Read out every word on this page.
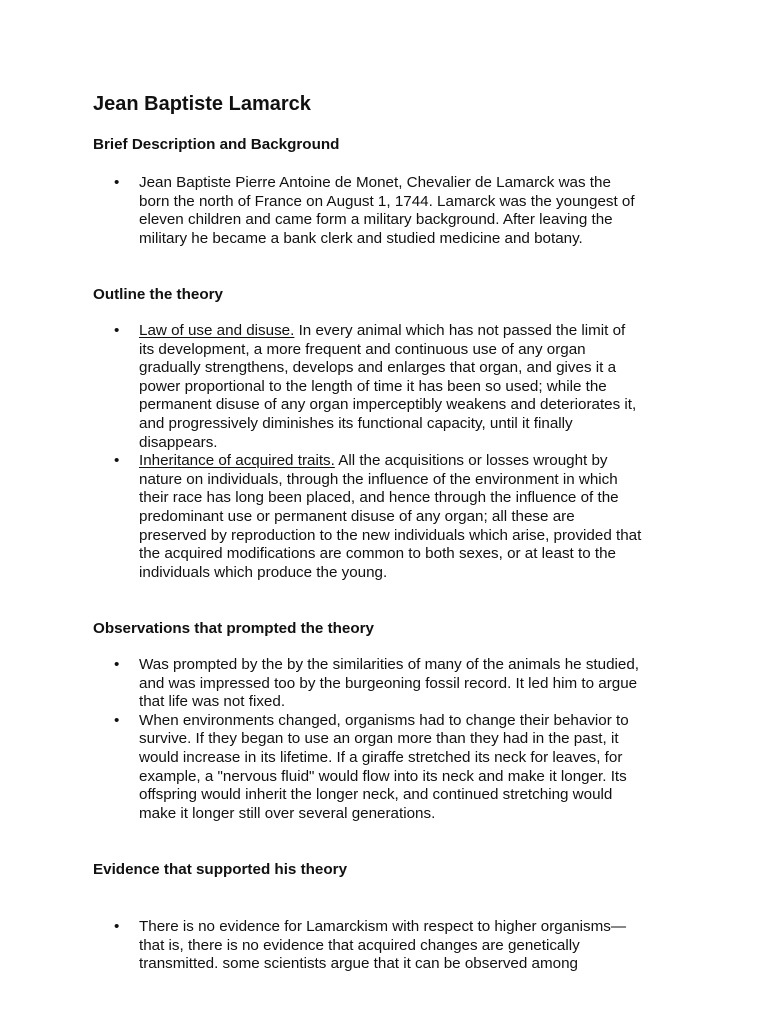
Jean Baptiste Lamarck
Brief Description and Background
• Jean Baptiste Pierre Antoine de Monet, Chevalier de Lamarck was the
born the north of France on August 1, 1744. Lamarck was the youngest of
eleven children and came form a military background. After leaving the
military he became a bank clerk and studied medicine and botany.
Outline the theory
• Law of use and disuse. In every animal which has not passed the limit of
its development, a more frequent and continuous use of any organ
gradually strengthens, develops and enlarges that organ, and gives it a
power proportional to the length of time it has been so used; while the
permanent disuse of any organ imperceptibly weakens and deteriorates it,
and progressively diminishes its functional capacity, until it finally
disappears.
• Inheritance of acquired traits. All the acquisitions or losses wrought by
nature on individuals, through the influence of the environment in which
their race has long been placed, and hence through the influence of the
predominant use or permanent disuse of any organ; all these are
preserved by reproduction to the new individuals which arise, provided that
the acquired modifications are common to both sexes, or at least to the
individuals which produce the young.
Observations that prompted the theory
• Was prompted by the by the similarities of many of the animals he studied,
and was impressed too by the burgeoning fossil record. It led him to argue
that life was not fixed.
• When environments changed, organisms had to change their behavior to
survive. If they began to use an organ more than they had in the past, it
would increase in its lifetime. If a giraffe stretched its neck for leaves, for
example, a "nervous fluid" would flow into its neck and make it longer. Its
offspring would inherit the longer neck, and continued stretching would
make it longer still over several generations.
Evidence that supported his theory
• There is no evidence for Lamarckism with respect to higher organisms—
that is, there is no evidence that acquired changes are genetically
transmitted. some scientists argue that it can be observed among
